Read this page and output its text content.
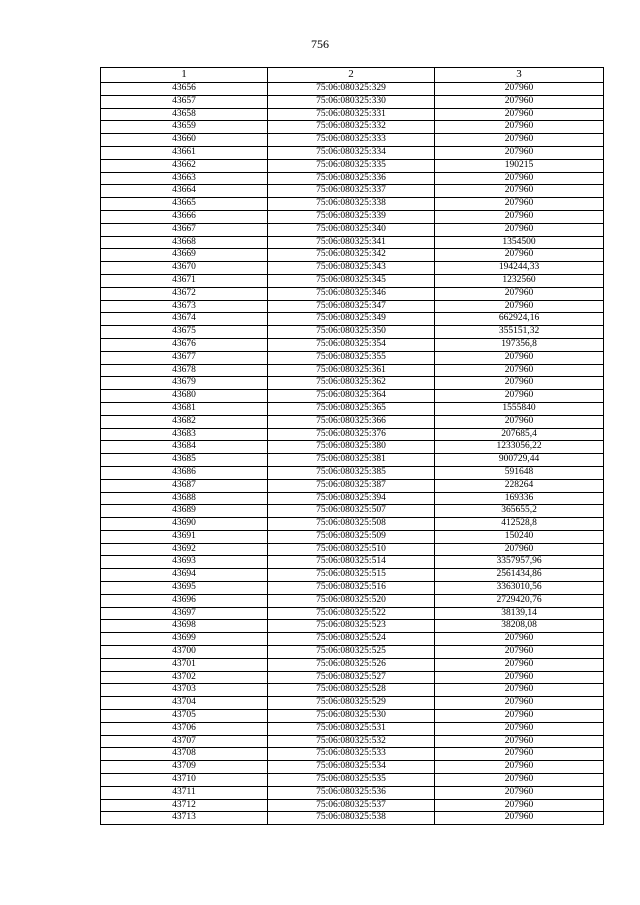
756
1	2	3
43656	75:06:080325:329	207960
43657	75:06:080325:330	207960
43658	75:06:080325:331	207960
43659	75:06:080325:332	207960
43660	75:06:080325:333	207960
43661	75:06:080325:334	207960
43662	75:06:080325:335	190215
43663	75:06:080325:336	207960
43664	75:06:080325:337	207960
43665	75:06:080325:338	207960
43666	75:06:080325:339	207960
43667	75:06:080325:340	207960
43668	75:06:080325:341	1354500
43669	75:06:080325:342	207960
43670	75:06:080325:343	194244,33
43671	75:06:080325:345	1232560
43672	75:06:080325:346	207960
43673	75:06:080325:347	207960
43674	75:06:080325:349	662924,16
43675	75:06:080325:350	355151,32
43676	75:06:080325:354	197356,8
43677	75:06:080325:355	207960
43678	75:06:080325:361	207960
43679	75:06:080325:362	207960
43680	75:06:080325:364	207960
43681	75:06:080325:365	1555840
43682	75:06:080325:366	207960
43683	75:06:080325:376	207685,4
43684	75:06:080325:380	1233056,22
43685	75:06:080325:381	900729,44
43686	75:06:080325:385	591648
43687	75:06:080325:387	228264
43688	75:06:080325:394	169336
43689	75:06:080325:507	365655,2
43690	75:06:080325:508	412528,8
43691	75:06:080325:509	150240
43692	75:06:080325:510	207960
43693	75:06:080325:514	3357957,96
43694	75:06:080325:515	2561434,86
43695	75:06:080325:516	3363010,56
43696	75:06:080325:520	2729420,76
43697	75:06:080325:522	38139,14
43698	75:06:080325:523	38208,08
43699	75:06:080325:524	207960
43700	75:06:080325:525	207960
43701	75:06:080325:526	207960
43702	75:06:080325:527	207960
43703	75:06:080325:528	207960
43704	75:06:080325:529	207960
43705	75:06:080325:530	207960
43706	75:06:080325:531	207960
43707	75:06:080325:532	207960
43708	75:06:080325:533	207960
43709	75:06:080325:534	207960
43710	75:06:080325:535	207960
43711	75:06:080325:536	207960
43712	75:06:080325:537	207960
43713	75:06:080325:538	207960
